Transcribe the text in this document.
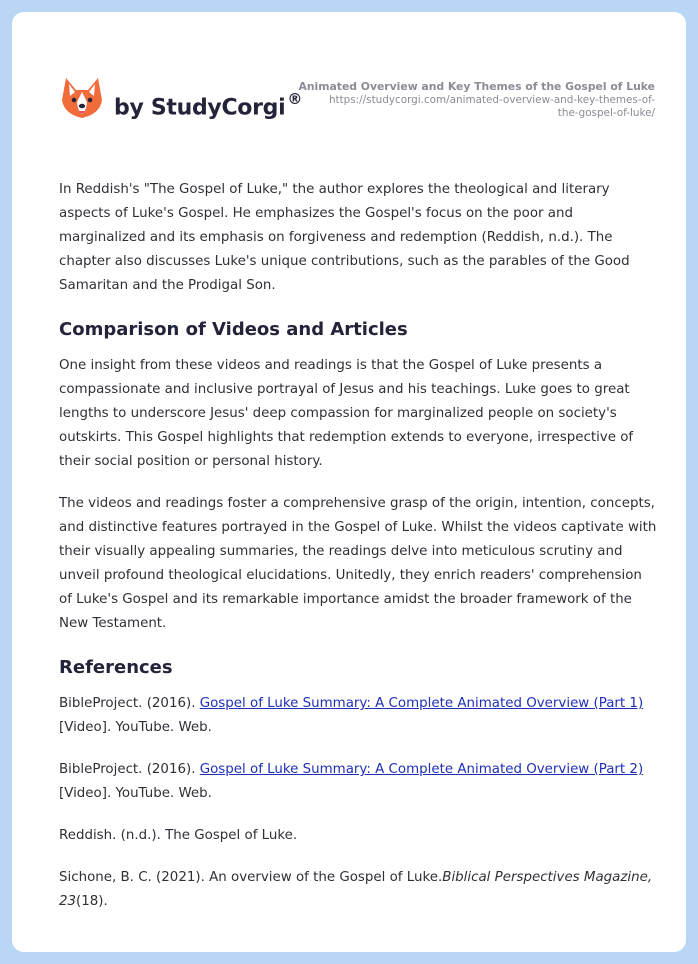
by StudyCorgi ®
Animated Overview and Key Themes of the Gospel of Luke
https://studycorgi.com/animated-overview-and-key-themes-of-the-gospel-of-luke/

In Reddish's "The Gospel of Luke," the author explores the theological and literary aspects of Luke's Gospel. He emphasizes the Gospel's focus on the poor and marginalized and its emphasis on forgiveness and redemption (Reddish, n.d.). The chapter also discusses Luke's unique contributions, such as the parables of the Good Samaritan and the Prodigal Son.

Comparison of Videos and Articles

One insight from these videos and readings is that the Gospel of Luke presents a compassionate and inclusive portrayal of Jesus and his teachings. Luke goes to great lengths to underscore Jesus' deep compassion for marginalized people on society's outskirts. This Gospel highlights that redemption extends to everyone, irrespective of their social position or personal history.

The videos and readings foster a comprehensive grasp of the origin, intention, concepts, and distinctive features portrayed in the Gospel of Luke. Whilst the videos captivate with their visually appealing summaries, the readings delve into meticulous scrutiny and unveil profound theological elucidations. Unitedly, they enrich readers' comprehension of Luke's Gospel and its remarkable importance amidst the broader framework of the New Testament.

References
BibleProject. (2016). Gospel of Luke Summary: A Complete Animated Overview (Part 1) [Video]. YouTube. Web.
BibleProject. (2016). Gospel of Luke Summary: A Complete Animated Overview (Part 2) [Video]. YouTube. Web.
Reddish. (n.d.). The Gospel of Luke.
Sichone, B. C. (2021). An overview of the Gospel of Luke.Biblical Perspectives Magazine, 23(18).
